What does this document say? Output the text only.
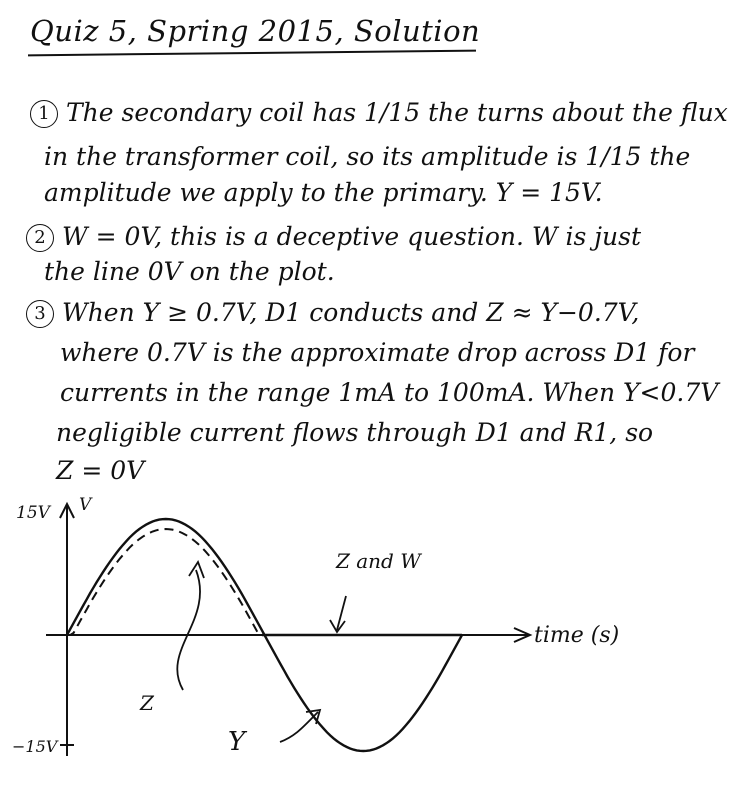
Quiz 5, Spring 2015, Solution
1 The secondary coil has 1/15 the turns about the flux
in the transformer coil, so its amplitude is 1/15 the
amplitude we apply to the primary. Y = 15V.
2 W = 0V, this is a deceptive question. W is just
the line 0V on the plot.
3 When Y ≥ 0.7V, D1 conducts and Z ≈ Y−0.7V,
where 0.7V is the approximate drop across D1 for
currents in the range 1mA to 100mA. When Y<0.7V
negligible current flows through D1 and R1, so
Z = 0V
15V V
−15V
time (s)
Z and W
Z
Y
